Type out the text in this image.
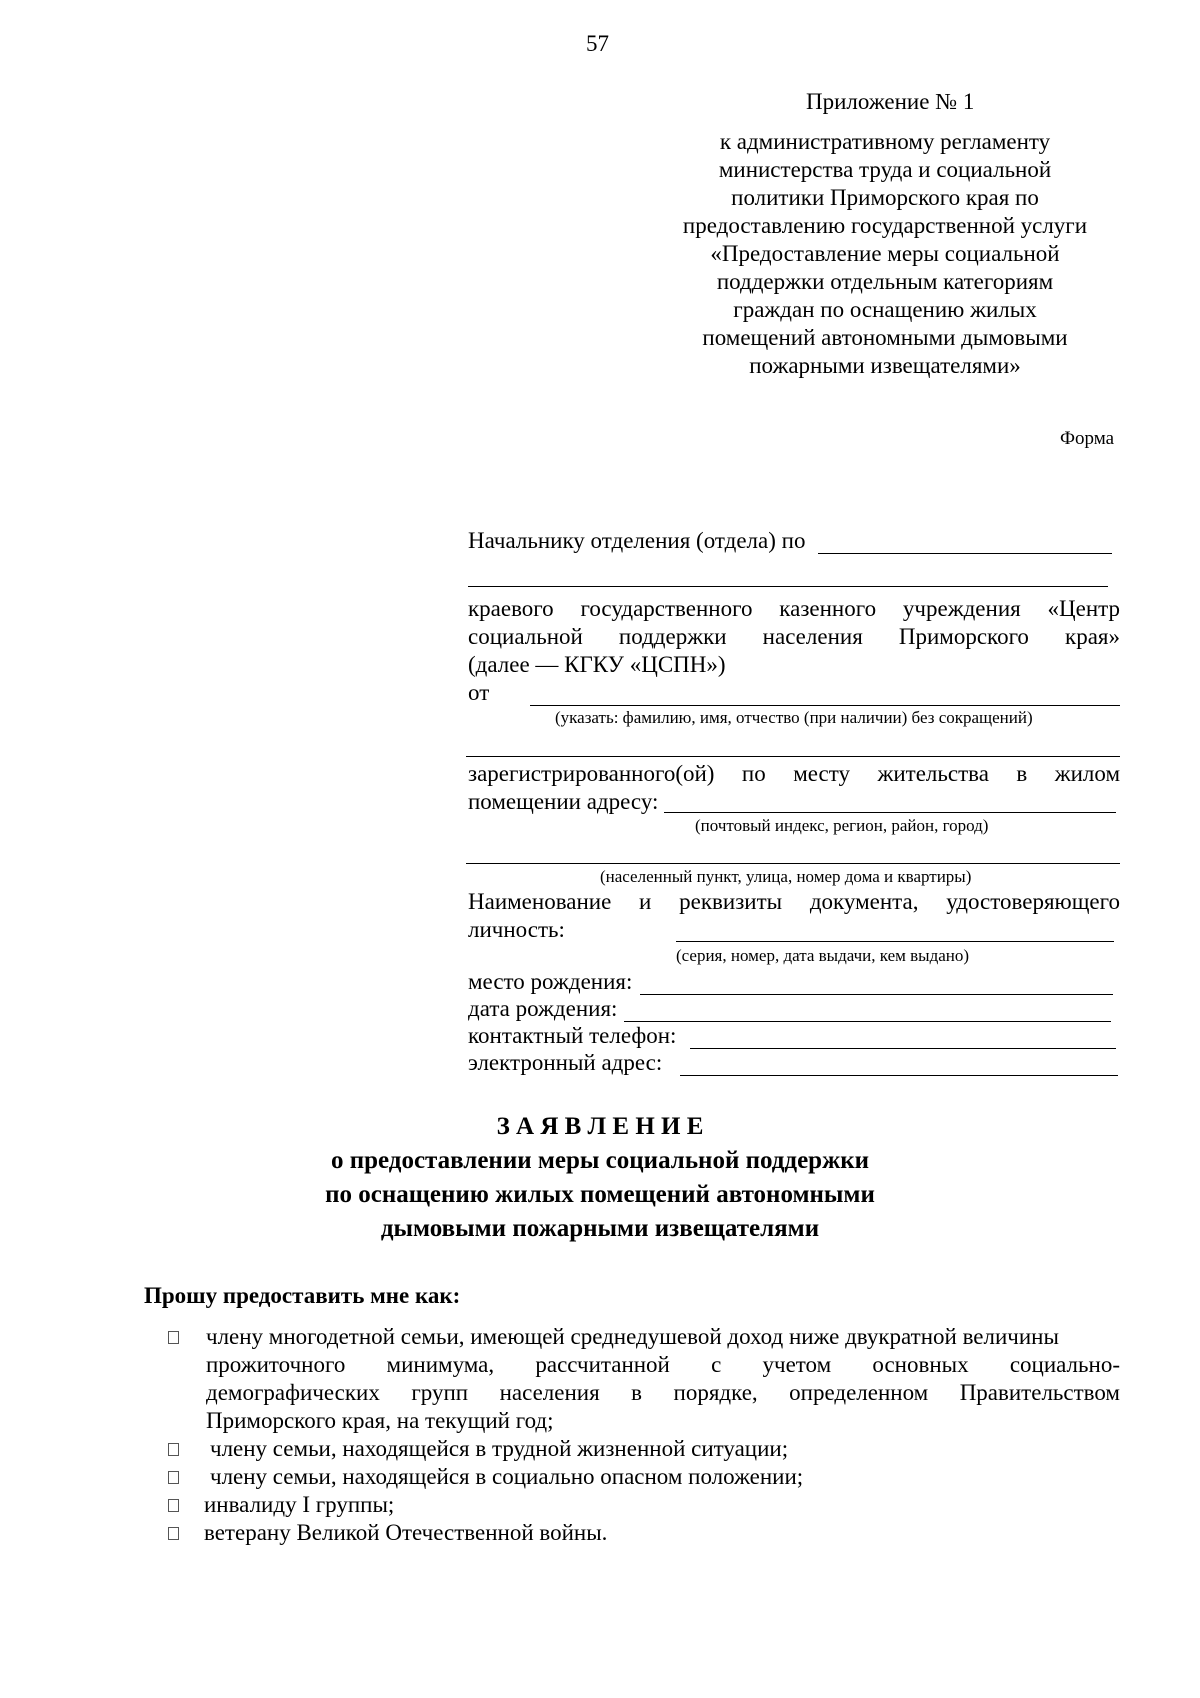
57
Приложение № 1
к административному регламенту
министерства труда и социальной
политики Приморского края по
предоставлению государственной услуги
«Предоставление меры социальной
поддержки отдельным категориям
граждан по оснащению жилых
помещений автономными дымовыми
пожарными извещателями»
Форма
Начальнику отделения (отдела) по
краевого государственного казенного учреждения «Центр
социальной поддержки населения Приморского края»
(далее — КГКУ «ЦСПН»)
от
(указать: фамилию, имя, отчество (при наличии) без сокращений)
зарегистрированного(ой) по месту жительства в жилом
помещении адресу:
(почтовый индекс, регион, район, город)
(населенный пункт, улица, номер дома и квартиры)
Наименование и реквизиты документа, удостоверяющего
личность:
(серия, номер, дата выдачи, кем выдано)
место рождения:
дата рождения:
контактный телефон:
электронный адрес:
З А Я В Л Е Н И Е
о предоставлении меры социальной поддержки
по оснащению жилых помещений автономными
дымовыми пожарными извещателями
Прошу предоставить мне как:
члену многодетной семьи, имеющей среднедушевой доход ниже двукратной величины
прожиточного минимума, рассчитанной с учетом основных социально-
демографических групп населения в порядке, определенном Правительством
Приморского края, на текущий год;
члену семьи, находящейся в трудной жизненной ситуации;
члену семьи, находящейся в социально опасном положении;
инвалиду I группы;
ветерану Великой Отечественной войны.
